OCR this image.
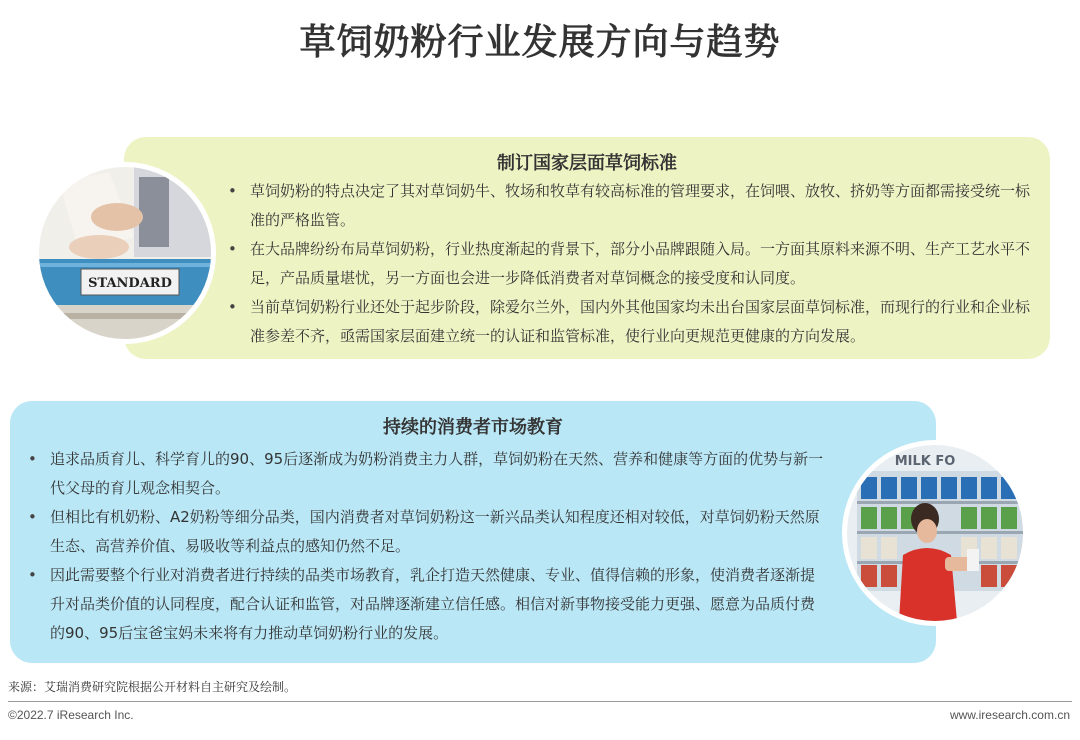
草饲奶粉行业发展方向与趋势
制订国家层面草饲标准
• 草饲奶粉的特点决定了其对草饲奶牛、牧场和牧草有较高标准的管理要求，在饲喂、放牧、挤奶等方面都需接受统一标准的严格监管。
• 在大品牌纷纷布局草饲奶粉，行业热度渐起的背景下，部分小品牌跟随入局。一方面其原料来源不明、生产工艺水平不足，产品质量堪忧，另一方面也会进一步降低消费者对草饲概念的接受度和认同度。
• 当前草饲奶粉行业还处于起步阶段，除爱尔兰外，国内外其他国家均未出台国家层面草饲标准，而现行的行业和企业标准参差不齐，亟需国家层面建立统一的认证和监管标准，使行业向更规范更健康的方向发展。
STANDARD
持续的消费者市场教育
• 追求品质育儿、科学育儿的90、95后逐渐成为奶粉消费主力人群，草饲奶粉在天然、营养和健康等方面的优势与新一代父母的育儿观念相契合。
• 但相比有机奶粉、A2奶粉等细分品类，国内消费者对草饲奶粉这一新兴品类认知程度还相对较低，对草饲奶粉天然原生态、高营养价值、易吸收等利益点的感知仍然不足。
• 因此需要整个行业对消费者进行持续的品类市场教育，乳企打造天然健康、专业、值得信赖的形象，使消费者逐渐提升对品类价值的认同程度，配合认证和监管，对品牌逐渐建立信任感。相信对新事物接受能力更强、愿意为品质付费的90、95后宝爸宝妈未来将有力推动草饲奶粉行业的发展。
MILK FO
来源：艾瑞消费研究院根据公开材料自主研究及绘制。
©2022.7 iResearch Inc.	www.iresearch.com.cn
